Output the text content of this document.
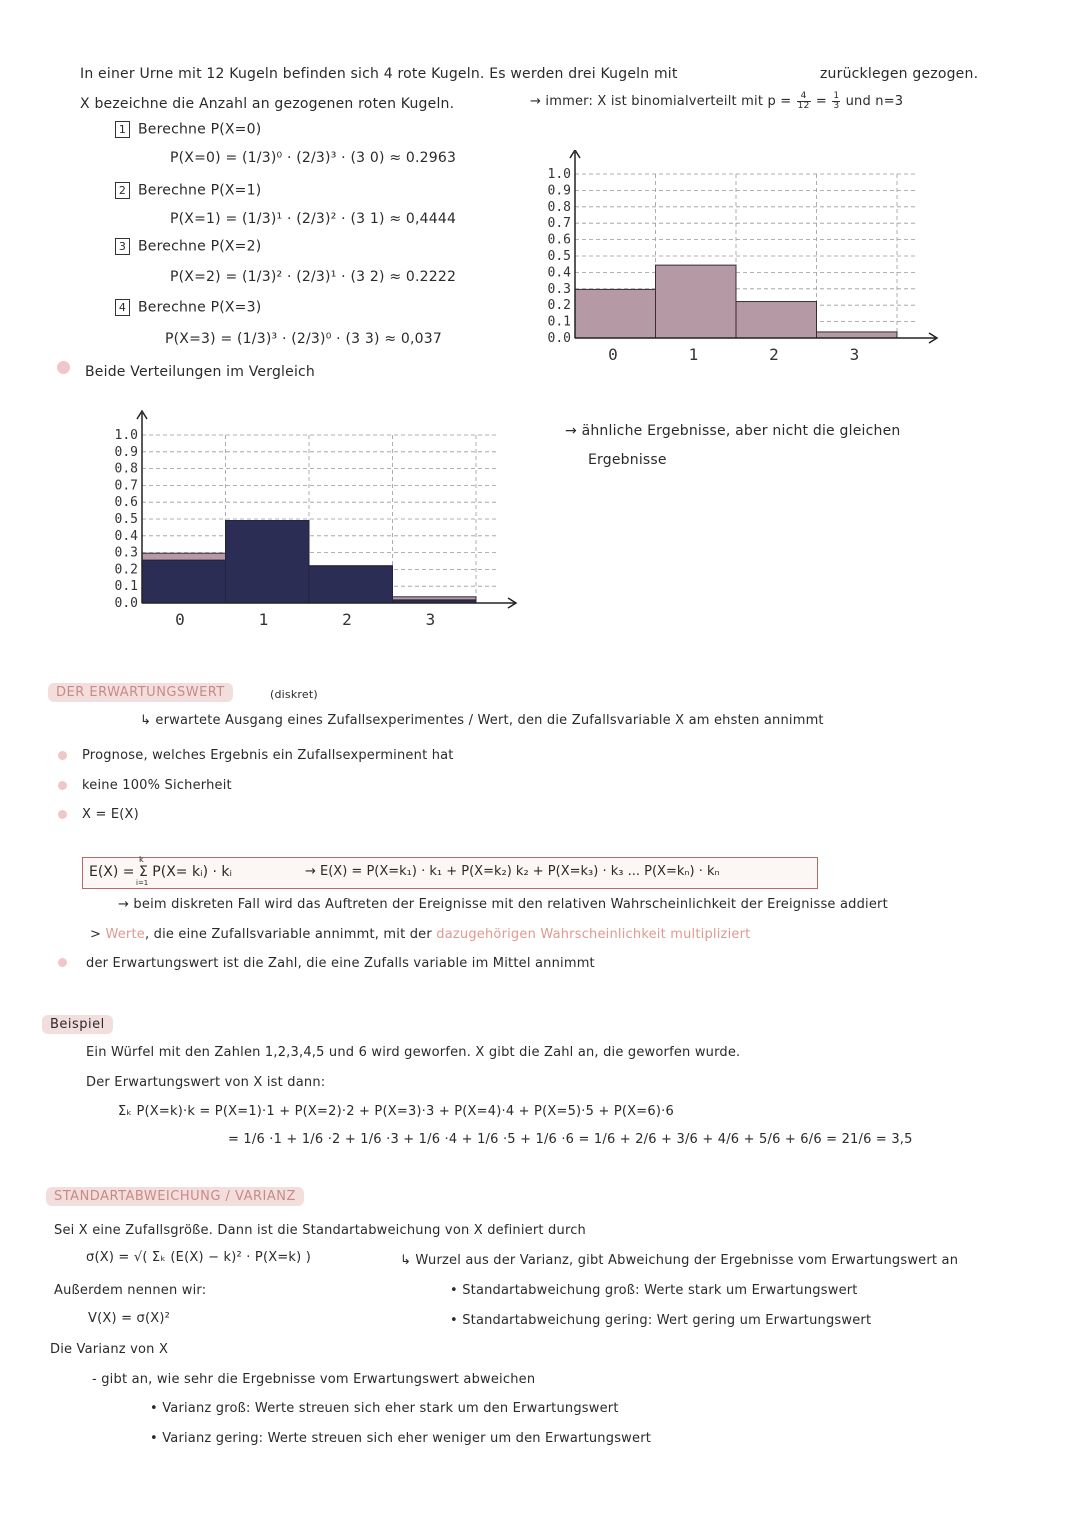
In einer Urne mit 12 Kugeln befinden sich 4 rote Kugeln. Es werden drei Kugeln mit	zurücklegen gezogen.
X bezeichne die Anzahl an gezogenen roten Kugeln.	→ immer: X ist binomialverteilt mit $p = \frac{4}{12} = \frac{1}{3}$ und n=3
1 Berechne P(X=0)
P(X=0) = (1/3)⁰ · (2/3)³ · (3 0) ≈ 0.2963
2 Berechne P(X=1)
P(X=1) = (1/3)¹ · (2/3)² · (3 1) ≈ 0,4444
3 Berechne P(X=2)
P(X=2) = (1/3)² · (2/3)¹ · (3 2) ≈ 0.2222
4 Berechne P(X=3)
P(X=3) = (1/3)³ · (2/3)⁰ · (3 3) ≈ 0,037	0.0
0.1
0.2
0.3
0.4
0.5
0.6
0.7
0.8
0.9
1.0
0	1	2	3
Beide Verteilungen im Vergleich
→ ähnliche Ergebnisse, aber nicht die gleichen
Ergebnisse
0.0
0.1
0.2
0.3
0.4
0.5
0.6
0.7
0.8
0.9
1.0
0	1	2	3
DER ERWARTUNGSWERT	(diskret)
↳ erwartete Ausgang eines Zufallsexperimentes / Wert, den die Zufallsvariable X am ehsten annimmt
Prognose, welches Ergebnis ein Zufallsexperminent hat
keine 100% Sicherheit
X = E(X)
E(X) = Σ P(X= kᵢ) · kᵢ
k
i=1
→ E(X) = P(X=k₁) · k₁ + P(X=k₂) k₂ + P(X=k₃) · k₃ ... P(X=kₙ) · kₙ
→ beim diskreten Fall wird das Auftreten der Ereignisse mit den relativen Wahrscheinlichkeit der Ereignisse addiert
> Werte, die eine Zufallsvariable annimmt, mit der dazugehörigen Wahrscheinlichkeit multipliziert
der Erwartungswert ist die Zahl, die eine Zufalls variable im Mittel annimmt
Beispiel
Ein Würfel mit den Zahlen 1,2,3,4,5 und 6 wird geworfen. X gibt die Zahl an, die geworfen wurde.
Der Erwartungswert von X ist dann:
Σₖ P(X=k)·k = P(X=1)·1 + P(X=2)·2 + P(X=3)·3 + P(X=4)·4 + P(X=5)·5 + P(X=6)·6
= 1/6 ·1 + 1/6 ·2 + 1/6 ·3 + 1/6 ·4 + 1/6 ·5 + 1/6 ·6 = 1/6 + 2/6 + 3/6 + 4/6 + 5/6 + 6/6 = 21/6 = 3,5
STANDARTABWEICHUNG / VARIANZ
Sei X eine Zufallsgröße. Dann ist die Standartabweichung von X definiert durch
σ(X) = √( Σₖ (E(X) − k)² · P(X=k) )	↳ Wurzel aus der Varianz, gibt Abweichung der Ergebnisse vom Erwartungswert an
Außerdem nennen wir:
V(X) = σ(X)²
• Standartabweichung groß: Werte stark um Erwartungswert
• Standartabweichung gering: Wert gering um Erwartungswert
Die Varianz von X
- gibt an, wie sehr die Ergebnisse vom Erwartungswert abweichen
• Varianz groß: Werte streuen sich eher stark um den Erwartungswert
• Varianz gering: Werte streuen sich eher weniger um den Erwartungswert
